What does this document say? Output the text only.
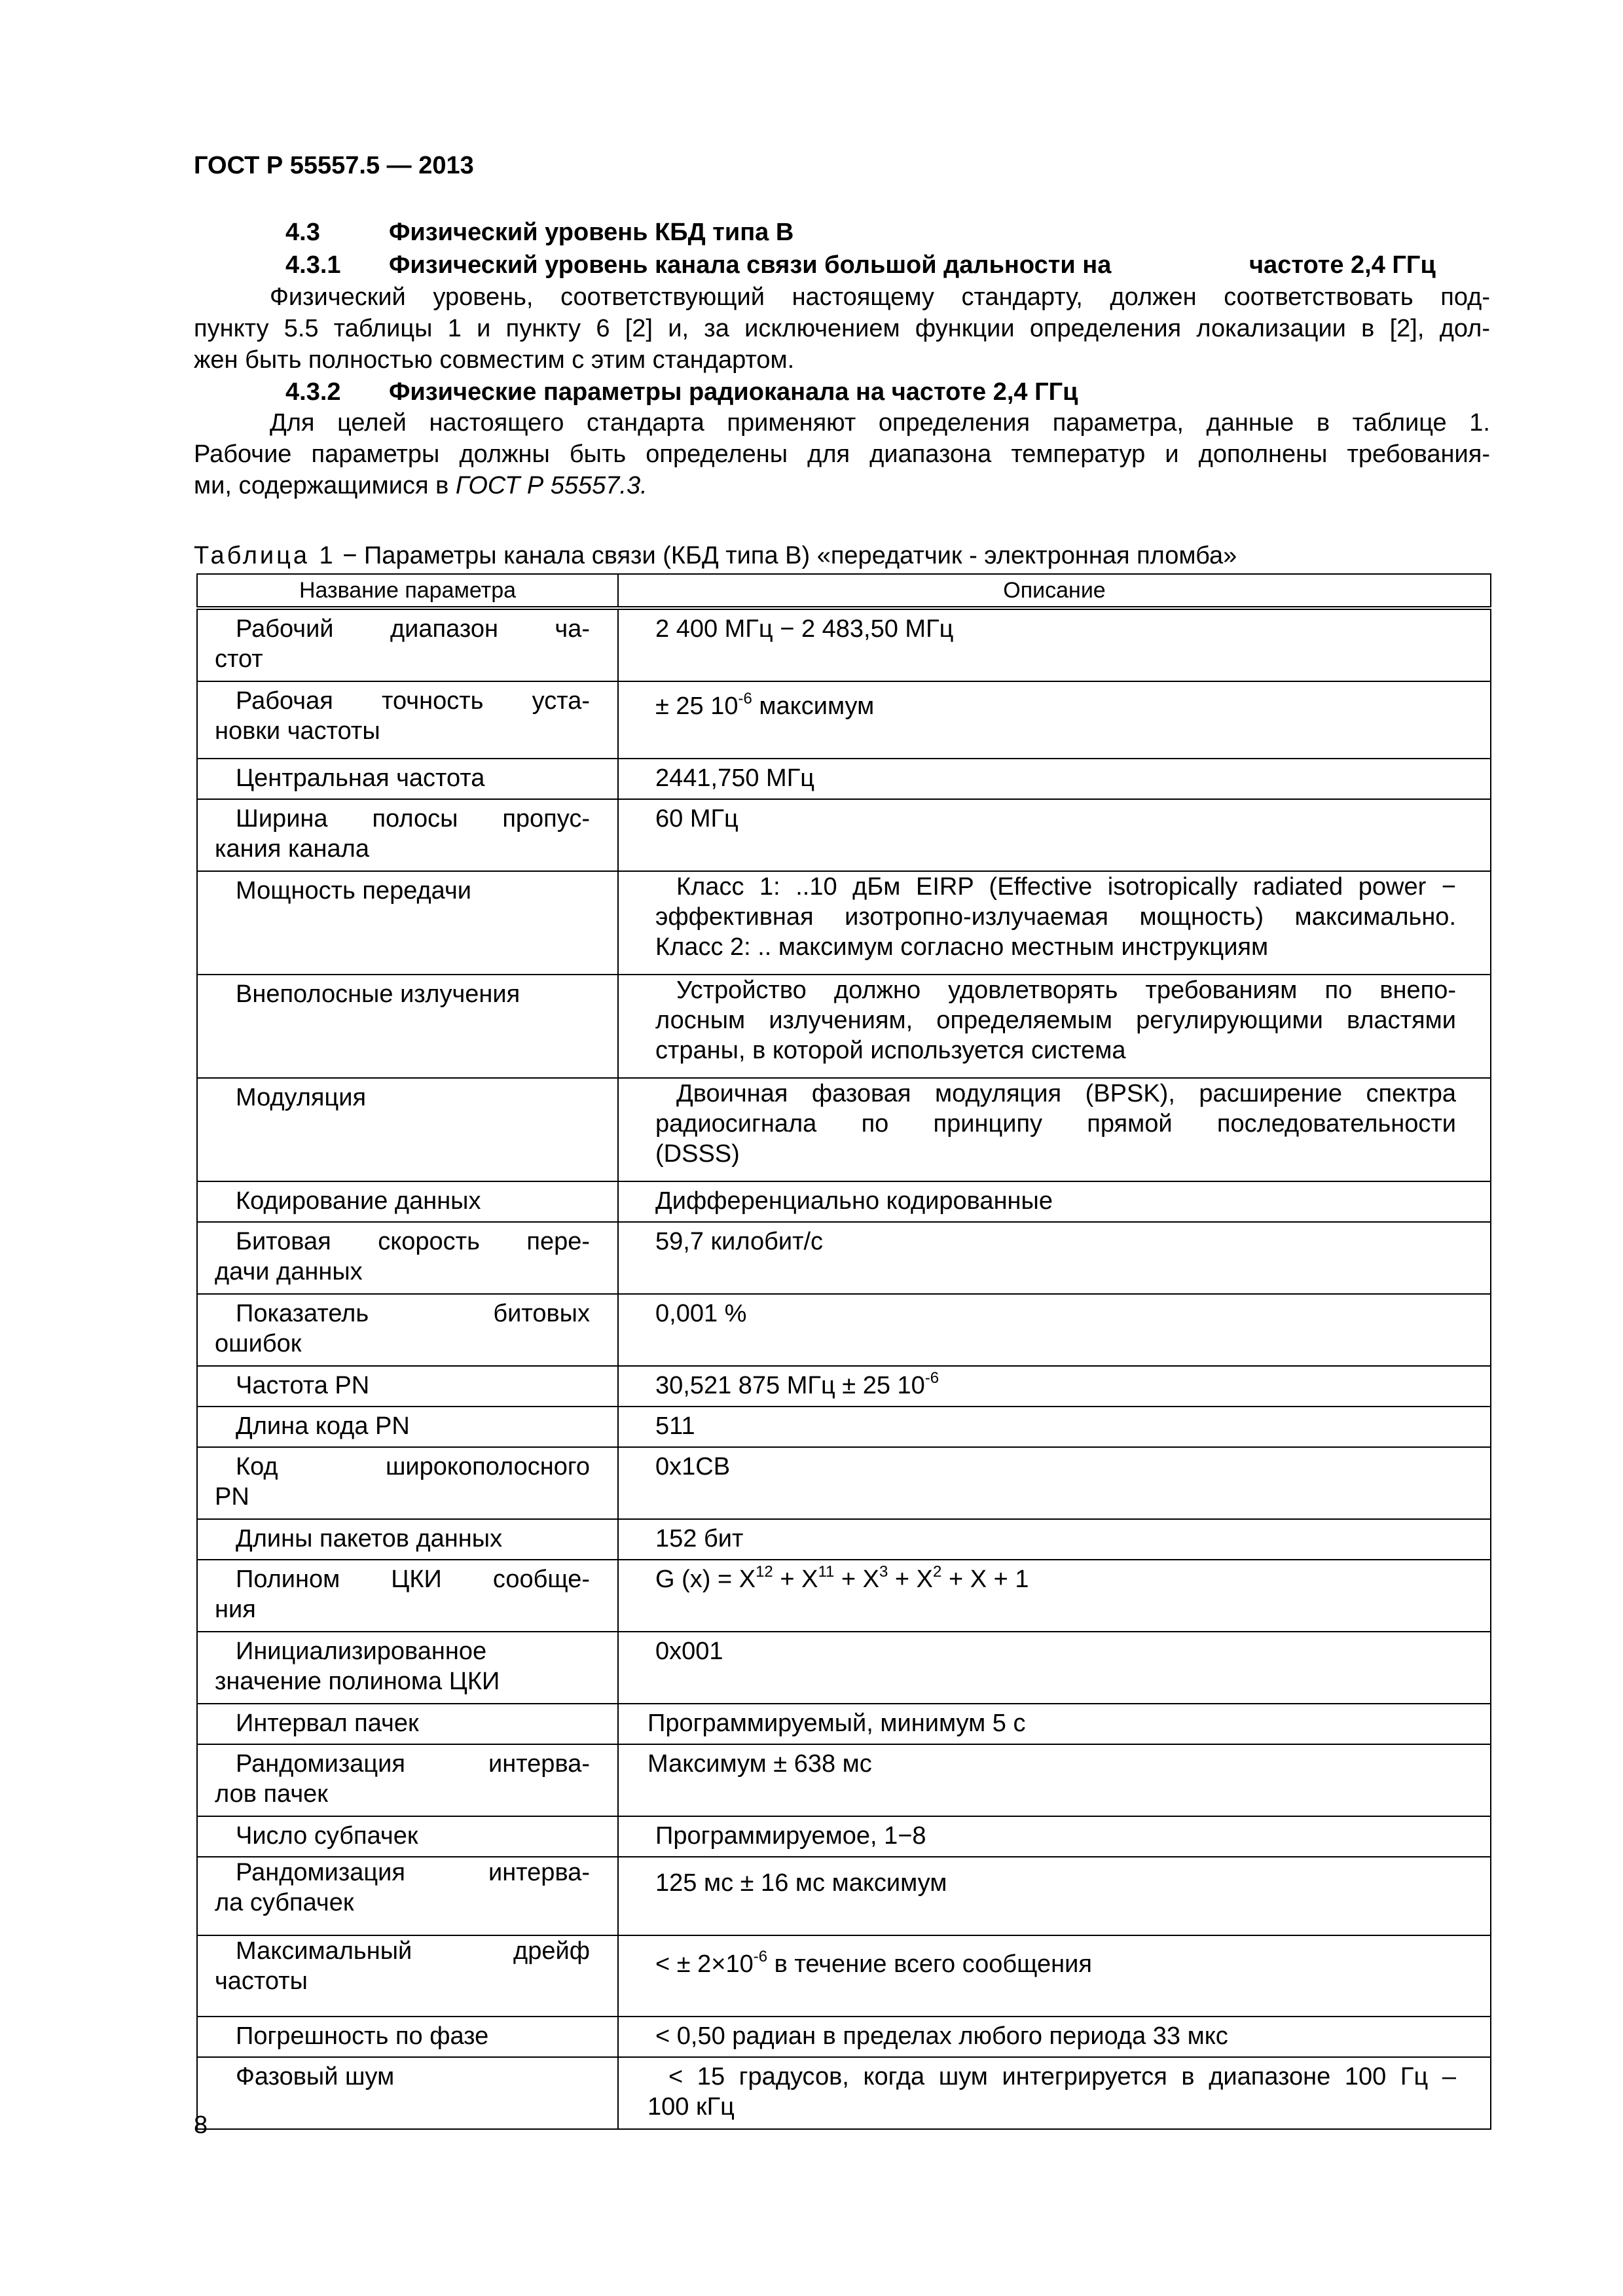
ГОСТ Р 55557.5 — 2013
4.3	Физический уровень КБД типа В
4.3.1 Физический уровень канала связи большой дальности на	частоте 2,4 ГГц
Физический уровень, соответствующий настоящему стандарту, должен соответствовать под-
пункту 5.5 таблицы 1 и пункту 6 [2] и, за исключением функции определения локализации в [2], дол-
жен быть полностью совместим с этим стандартом.
4.3.2 Физические параметры радиоканала на частоте 2,4 ГГц
Для целей настоящего стандарта применяют определения параметра, данные в таблице 1.
Рабочие параметры должны быть определены для диапазона температур и дополнены требования-
ми, содержащимися в ГОСТ Р 55557.3.
Таблица 1 − Параметры канала связи (КБД типа В) «передатчик - электронная пломба»
Название параметра	Описание

Рабочий диапазон ча-
стот	2 400 МГц − 2 483,50 МГц

Рабочая точность уста-
новки частоты	± 25 $10^{-6}$ максимум

Центральная частота	2441,750 МГц

Ширина полосы пропус-
кания канала	60 МГц

Мощность передачи	Класс 1: ..10 дБм EIRP (Effective isotropically radiated power −
эффективная изотропно-излучаемая мощность) максимально.
Класс 2: .. максимум согласно местным инструкциям

Внеполосные излучения	Устройство должно удовлетворять требованиям по внепо-
лосным излучениям, определяемым регулирующими властями
страны, в которой используется система

Модуляция	Двоичная фазовая модуляция (BPSK), расширение спектра
радиосигнала по принципу прямой последовательности
(DSSS)

Кодирование данных	Дифференциально кодированные

Битовая скорость пере-
дачи данных	59,7 килобит/с

Показатель битовых
ошибок	0,001 %

Частота PN	30,521 875 МГц ± 25 $10^{-6}$

Длина кода PN	511

Код широкополосного
PN	0x1CB

Длины пакетов данных	152 бит

Полином ЦКИ сообще-
ния	G $(x) = X^{12} + X^{11} + X^3 + X^2 + X + 1$

Инициализированное
значение полинома ЦКИ	0x001

Интервал пачек	Программируемый, минимум 5 с

Рандомизация интерва-
лов пачек	Максимум ± 638 мс

Число субпачек	Программируемое, 1−8

Рандомизация интерва-
ла субпачек	125 мс ± 16 мс максимум

Максимальный дрейф
частоты	< ± $2\times 10^{-6}$ в течение всего сообщения

Погрешность по фазе	< 0,50 радиан в пределах любого периода 33 мкс

Фазовый шум	< 15 градусов, когда шум интегрируется в диапазоне 100 Гц –
100 кГц
8
